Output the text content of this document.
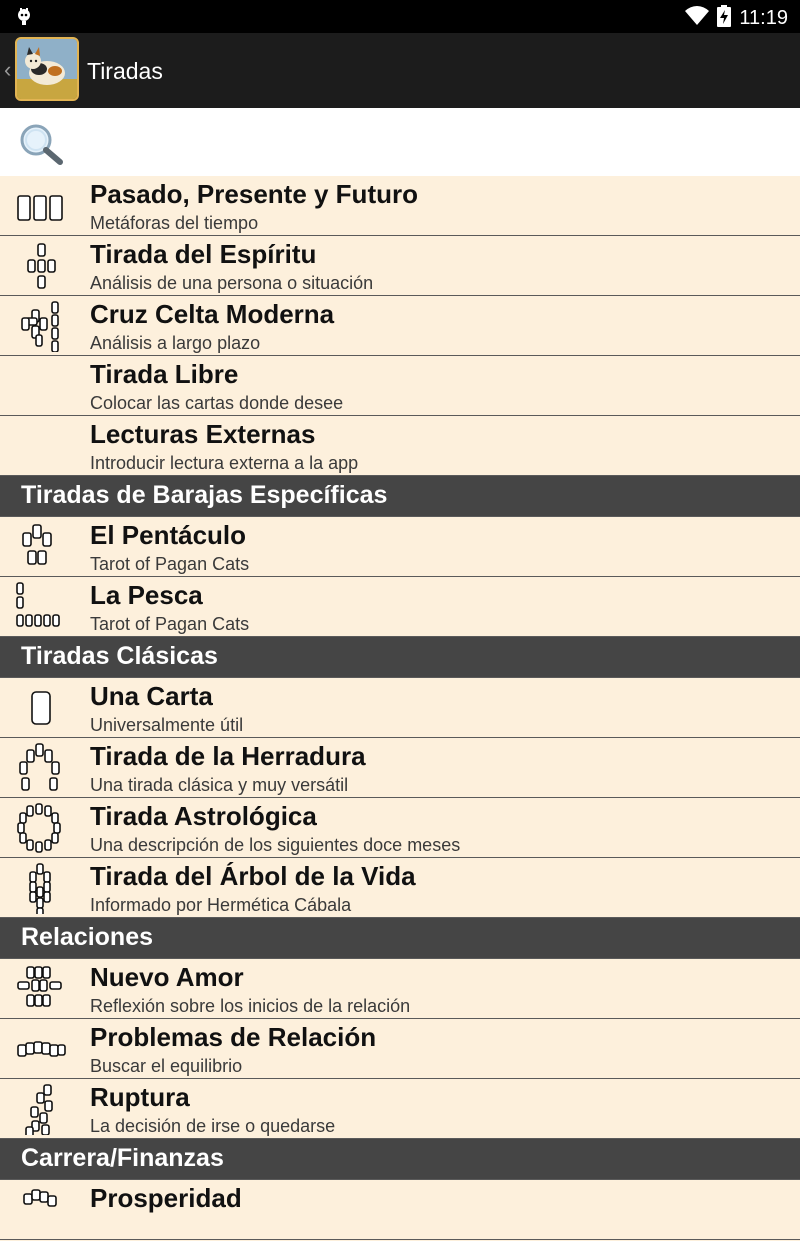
11:19
‹	Tiradas
Pasado, Presente y Futuro
Metáforas del tiempo
Tirada del Espíritu
Análisis de una persona o situación
Cruz Celta Moderna
Análisis a largo plazo
Tirada Libre
Colocar las cartas donde desee
Lecturas Externas
Introducir lectura externa a la app
Tiradas de Barajas Específicas
El Pentáculo
Tarot of Pagan Cats
La Pesca
Tarot of Pagan Cats
Tiradas Clásicas
Una Carta
Universalmente útil
Tirada de la Herradura
Una tirada clásica y muy versátil
Tirada Astrológica
Una descripción de los siguientes doce meses
Tirada del Árbol de la Vida
Informado por Hermética Cábala
Relaciones
Nuevo Amor
Reflexión sobre los inicios de la relación
Problemas de Relación
Buscar el equilibrio
Ruptura
La decisión de irse o quedarse
Carrera/Finanzas
Prosperidad
